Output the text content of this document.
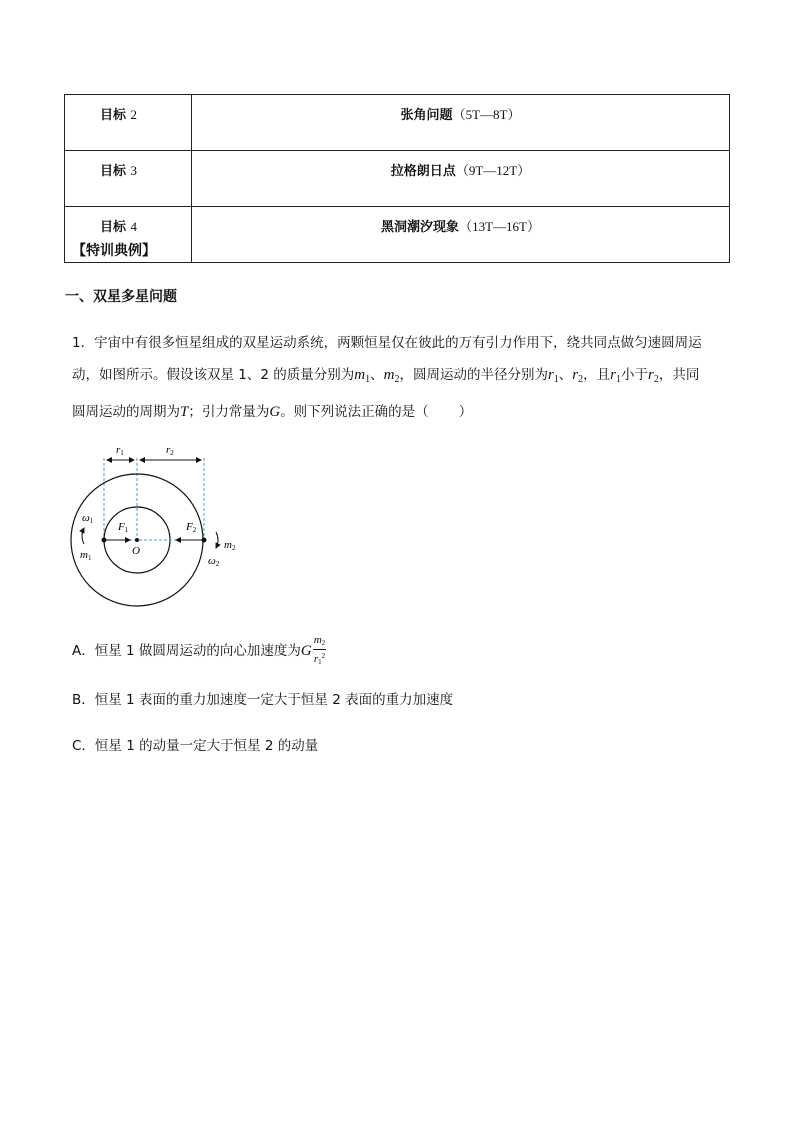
目标 2	张角问题（5T—8T）
目标 3	拉格朗日点（9T—12T）
目标 4	黑洞潮汐现象（13T—16T）
【特训典例】
一、双星多星问题

1．宇宙中有很多恒星组成的双星运动系统，两颗恒星仅在彼此的万有引力作用下，绕共同点做匀速圆周运

动，如图所示。假设该双星 1、2 的质量分别为$m_1$、$m_2$，圆周运动的半径分别为$r_1$、$r_2$，且$r_1$小于$r_2$，共同

圆周运动的周期为T；引力常量为G。则下列说法正确的是（ ）

r1	r2
F1	F2
O
ω1
m1
m2
ω2
A．恒星 1 做圆周运动的向心加速度为G $\frac{m2}{r1^2}$
B．恒星 1 表面的重力加速度一定大于恒星 2 表面的重力加速度
C．恒星 1 的动量一定大于恒星 2 的动量
